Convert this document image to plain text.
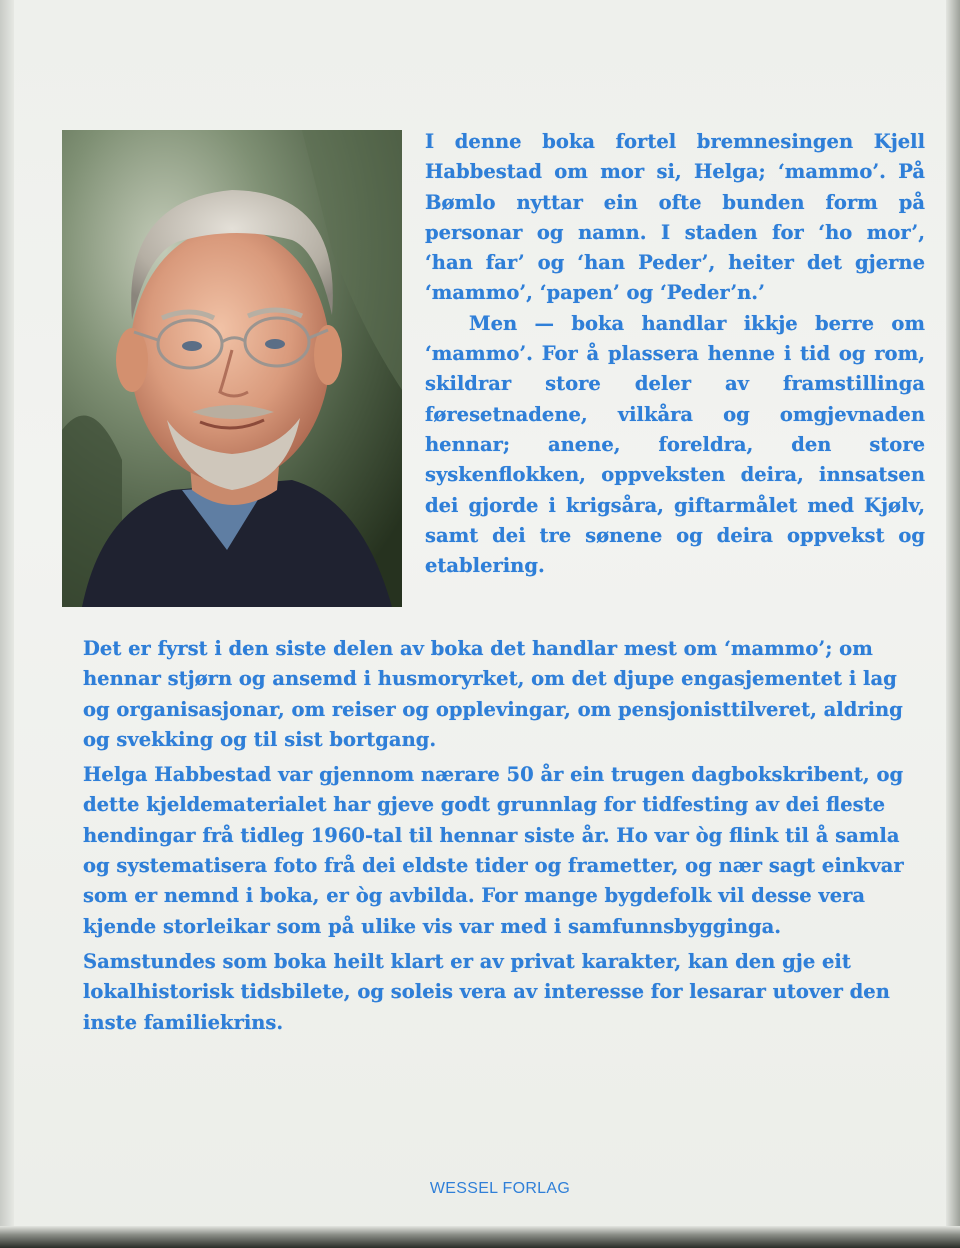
I denne boka fortel bremnesingen Kjell Habbestad om mor si, Helga; ‘mammo’. På Bømlo nyttar ein ofte bunden form på personar og namn. I staden for ‘ho mor’, ‘han far’ og ‘han Peder’, heiter det gjerne ‘mammo’, ‘papen’ og ‘Peder’n.’

Men — boka handlar ikkje berre om ‘mammo’. For å plassera henne i tid og rom, skildrar store deler av framstillinga føresetnadene, vilkåra og omgjevnaden hennar; anene, foreldra, den store syskenflokken, oppveksten deira, innsatsen dei gjorde i krigsåra, giftarmålet med Kjølv, samt dei tre sønene og deira oppvekst og etablering.

Det er fyrst i den siste delen av boka det handlar mest om ‘mammo’; om hennar stjørn og ansemd i husmoryrket, om det djupe engasjementet i lag og organisasjonar, om reiser og opplevingar, om pensjonisttilveret, aldring og svekking og til sist bortgang.

Helga Habbestad var gjennom nærare 50 år ein trugen dagbokskribent, og dette kjeldematerialet har gjeve godt grunnlag for tidfesting av dei fleste hendingar frå tidleg 1960-tal til hennar siste år. Ho var òg flink til å samla og systematisera foto frå dei eldste tider og frametter, og nær sagt einkvar som er nemnd i boka, er òg avbilda. For mange bygdefolk vil desse vera kjende storleikar som på ulike vis var med i samfunnsbygginga.

Samstundes som boka heilt klart er av privat karakter, kan den gje eit lokalhistorisk tidsbilete, og soleis vera av interesse for lesarar utover den inste familiekrins.

WESSEL FORLAG
